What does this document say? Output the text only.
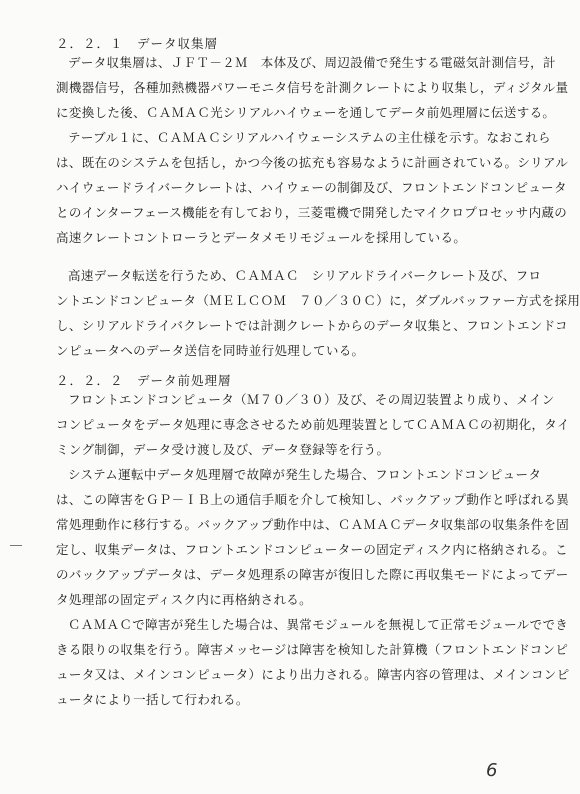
２．２．１　データ収集層
データ収集層は、ＪＦＴ－２Ｍ　本体及び、周辺設備で発生する電磁気計測信号，計
測機器信号，各種加熱機器パワーモニタ信号を計測クレートにより収集し，ディジタル量
に変換した後、ＣＡＭＡＣ光シリアルハイウェーを通してデータ前処理層に伝送する。
テーブル１に、ＣＡＭＡＣシリアルハイウェーシステムの主仕様を示す。なおこれら
は、既在のシステムを包括し，かつ今後の拡充も容易なように計画されている。シリアル
ハイウェードライバークレートは、ハイウェーの制御及び、フロントエンドコンピュータ
とのインターフェース機能を有しており，三菱電機で開発したマイクロプロセッサ内蔵の
高速クレートコントローラとデータメモリモジュールを採用している。
高速データ転送を行うため、ＣＡＭＡＣ　シリアルドライバークレート及び、フロ
ントエンドコンピュータ（ＭＥＬＣＯＭ　７０／３０Ｃ）に，ダブルバッファー方式を採用
し、シリアルドライバクレートでは計測クレートからのデータ収集と、フロントエンドコ
ンピュータへのデータ送信を同時並行処理している。
２．２．２　データ前処理層
フロントエンドコンピュータ（Ｍ７０／３０）及び、その周辺装置より成り、メイン
コンピュータをデータ処理に専念させるため前処理装置としてＣＡＭＡＣの初期化，タイ
ミング制御，データ受け渡し及び、データ登録等を行う。
システム運転中データ処理層で故障が発生した場合、フロントエンドコンピュータ
は、この障害をＧＰ－ＩＢ上の通信手順を介して検知し、バックアップ動作と呼ばれる異
常処理動作に移行する。バックアップ動作中は、ＣＡＭＡＣデータ収集部の収集条件を固
定し、収集データは、フロントエンドコンピューターの固定ディスク内に格納される。こ
のバックアップデータは、データ処理系の障害が復旧した際に再収集モードによってデー
タ処理部の固定ディスク内に再格納される。
ＣＡＭＡＣで障害が発生した場合は、異常モジュールを無視して正常モジュールででき
きる限りの収集を行う。障害メッセージは障害を検知した計算機（フロントエンドコンピ
ュータ又は、メインコンピュータ）により出力される。障害内容の管理は、メインコンピ
ュータにより一括して行われる。
6
